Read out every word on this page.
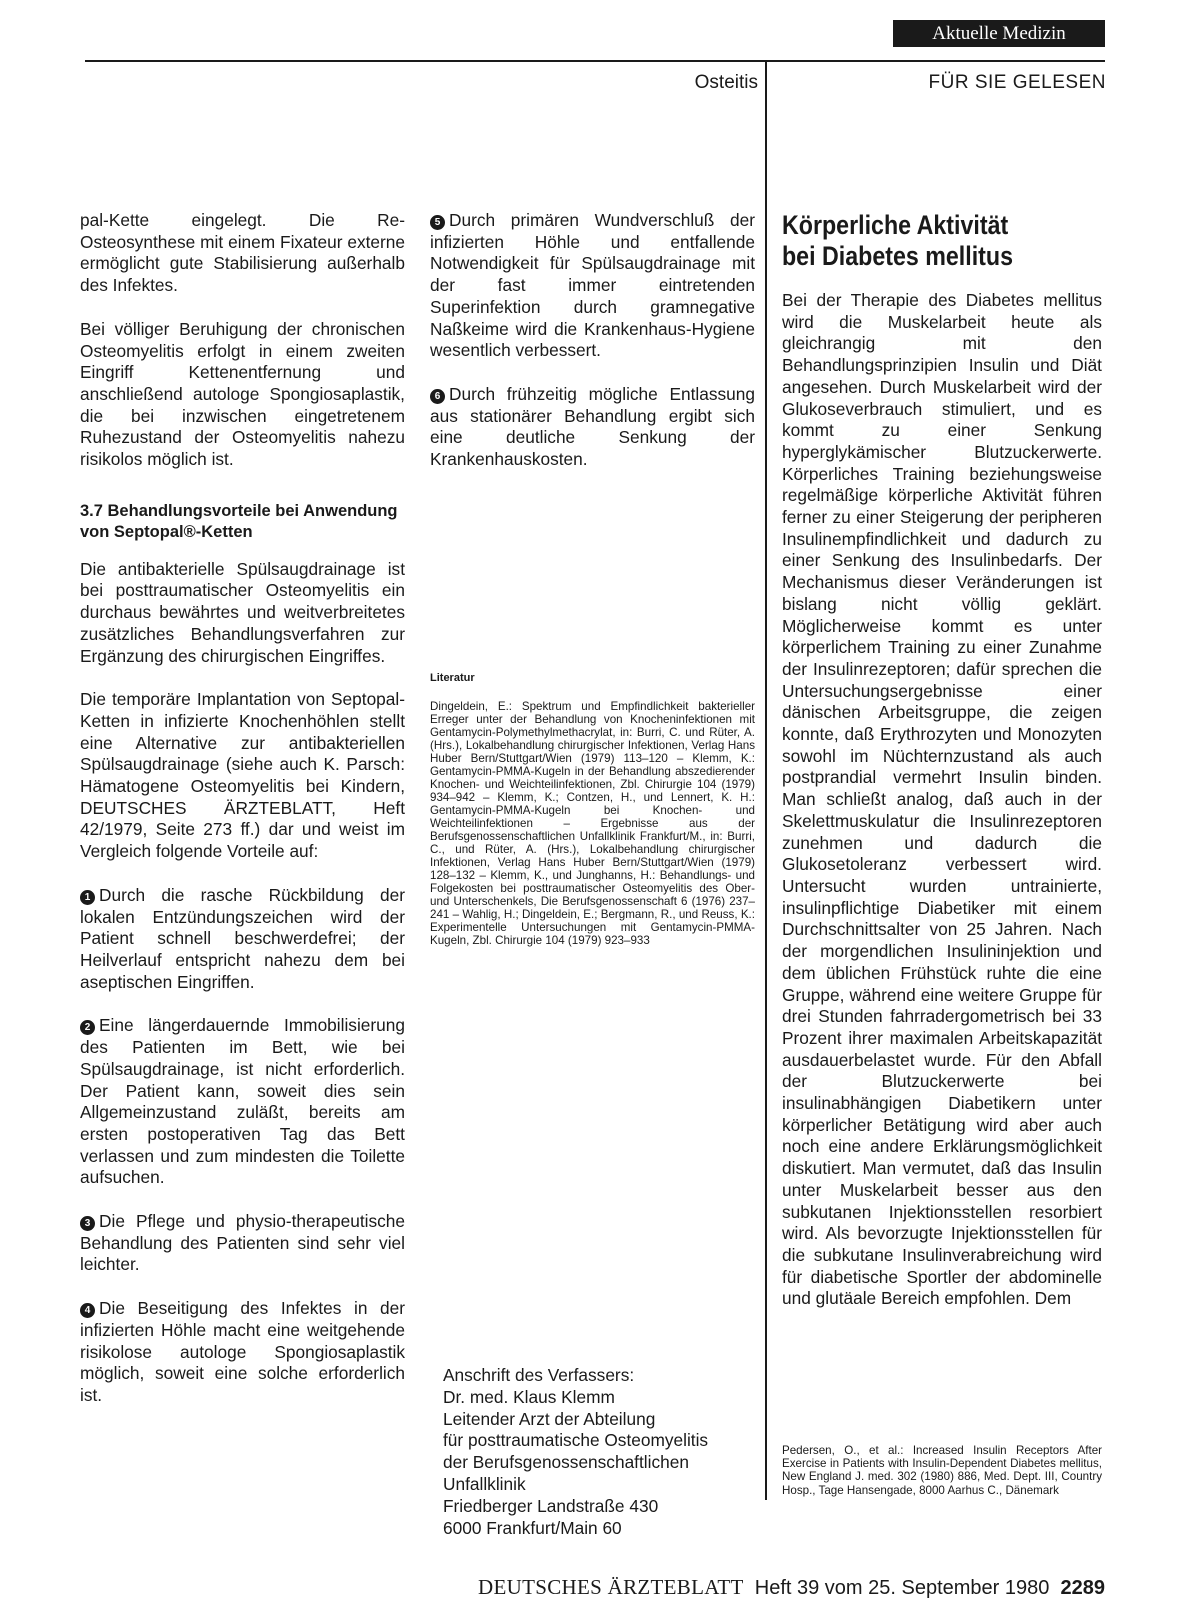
Aktuelle Medizin
Osteitis	FÜR SIE GELESEN

pal-Kette eingelegt. Die Re-Osteosynthese mit einem Fixateur externe ermöglicht gute Stabilisierung außerhalb des Infektes.

Bei völliger Beruhigung der chronischen Osteomyelitis erfolgt in einem zweiten Eingriff Kettenentfernung und anschließend autologe Spongiosaplastik, die bei inzwischen eingetretenem Ruhezustand der Osteomyelitis nahezu risikolos möglich ist.

3.7 Behandlungsvorteile bei Anwendung von Septopal®-Ketten

Die antibakterielle Spülsaugdrainage ist bei posttraumatischer Osteomyelitis ein durchaus bewährtes und weitverbreitetes zusätzliches Behandlungsverfahren zur Ergänzung des chirurgischen Eingriffes.

Die temporäre Implantation von Septopal-Ketten in infizierte Knochenhöhlen stellt eine Alternative zur antibakteriellen Spülsaugdrainage (siehe auch K. Parsch: Hämatogene Osteomyelitis bei Kindern, DEUTSCHES ÄRZTEBLATT, Heft 42/1979, Seite 273 ff.) dar und weist im Vergleich folgende Vorteile auf:

1 Durch die rasche Rückbildung der lokalen Entzündungszeichen wird der Patient schnell beschwerdefrei; der Heilverlauf entspricht nahezu dem bei aseptischen Eingriffen.

2 Eine längerdauernde Immobilisierung des Patienten im Bett, wie bei Spülsaugdrainage, ist nicht erforderlich. Der Patient kann, soweit dies sein Allgemeinzustand zuläßt, bereits am ersten postoperativen Tag das Bett verlassen und zum mindesten die Toilette aufsuchen.

3 Die Pflege und physio-therapeutische Behandlung des Patienten sind sehr viel leichter.

4 Die Beseitigung des Infektes in der infizierten Höhle macht eine weitgehende risikolose autologe Spongiosaplastik möglich, soweit eine solche erforderlich ist.

5 Durch primären Wundverschluß der infizierten Höhle und entfallende Notwendigkeit für Spülsaugdrainage mit der fast immer eintretenden Superinfektion durch gramnegative Naßkeime wird die Krankenhaus-Hygiene wesentlich verbessert.

6 Durch frühzeitig mögliche Entlassung aus stationärer Behandlung ergibt sich eine deutliche Senkung der Krankenhauskosten.

Literatur
Dingeldein, E.: Spektrum und Empfindlichkeit bakterieller Erreger unter der Behandlung von Knocheninfektionen mit Gentamycin-Polymethylmethacrylat, in: Burri, C. und Rüter, A. (Hrs.), Lokalbehandlung chirurgischer Infektionen, Verlag Hans Huber Bern/Stuttgart/Wien (1979) 113–120 – Klemm, K.: Gentamycin-PMMA-Kugeln in der Behandlung abszedierender Knochen- und Weichteilinfektionen, Zbl. Chirurgie 104 (1979) 934–942 – Klemm, K.; Contzen, H., und Lennert, K. H.: Gentamycin-PMMA-Kugeln bei Knochen- und Weichteilinfektionen – Ergebnisse aus der Berufsgenossenschaftlichen Unfallklinik Frankfurt/M., in: Burri, C., und Rüter, A. (Hrs.), Lokalbehandlung chirurgischer Infektionen, Verlag Hans Huber Bern/Stuttgart/Wien (1979) 128–132 – Klemm, K., und Junghanns, H.: Behandlungs- und Folgekosten bei posttraumatischer Osteomyelitis des Ober- und Unterschenkels, Die Berufsgenossenschaft 6 (1976) 237–241 – Wahlig, H.; Dingeldein, E.; Bergmann, R., und Reuss, K.: Experimentelle Untersuchungen mit Gentamycin-PMMA-Kugeln, Zbl. Chirurgie 104 (1979) 923–933
Anschrift des Verfassers:
Dr. med. Klaus Klemm
Leitender Arzt der Abteilung
für posttraumatische Osteomyelitis
der Berufsgenossenschaftlichen
Unfallklinik
Friedberger Landstraße 430
6000 Frankfurt/Main 60
Körperliche Aktivität
bei Diabetes mellitus

Bei der Therapie des Diabetes mellitus wird die Muskelarbeit heute als gleichrangig mit den Behandlungsprinzipien Insulin und Diät angesehen. Durch Muskelarbeit wird der Glukoseverbrauch stimuliert, und es kommt zu einer Senkung hyperglykämischer Blutzuckerwerte. Körperliches Training beziehungsweise regelmäßige körperliche Aktivität führen ferner zu einer Steigerung der peripheren Insulinempfindlichkeit und dadurch zu einer Senkung des Insulinbedarfs. Der Mechanismus dieser Veränderungen ist bislang nicht völlig geklärt. Möglicherweise kommt es unter körperlichem Training zu einer Zunahme der Insulinrezeptoren; dafür sprechen die Untersuchungsergebnisse einer dänischen Arbeitsgruppe, die zeigen konnte, daß Erythrozyten und Monozyten sowohl im Nüchternzustand als auch postprandial vermehrt Insulin binden. Man schließt analog, daß auch in der Skelettmuskulatur die Insulinrezeptoren zunehmen und dadurch die Glukosetoleranz verbessert wird. Untersucht wurden untrainierte, insulinpflichtige Diabetiker mit einem Durchschnittsalter von 25 Jahren. Nach der morgendlichen Insulininjektion und dem üblichen Frühstück ruhte die eine Gruppe, während eine weitere Gruppe für drei Stunden fahrradergometrisch bei 33 Prozent ihrer maximalen Arbeitskapazität ausdauerbelastet wurde. Für den Abfall der Blutzuckerwerte bei insulinabhängigen Diabetikern unter körperlicher Betätigung wird aber auch noch eine andere Erklärungsmöglichkeit diskutiert. Man vermutet, daß das Insulin unter Muskelarbeit besser aus den subkutanen Injektionsstellen resorbiert wird. Als bevorzugte Injektionsstellen für die subkutane Insulinverabreichung wird für diabetische Sportler der abdominelle und glutäale Bereich empfohlen. Dem

Pedersen, O., et al.: Increased Insulin Receptors After Exercise in Patients with Insulin-Dependent Diabetes mellitus, New England J. med. 302 (1980) 886, Med. Dept. III, Country Hosp., Tage Hansengade, 8000 Aarhus C., Dänemark
DEUTSCHES ÄRZTEBLATT Heft 39 vom 25. September 1980 2289
